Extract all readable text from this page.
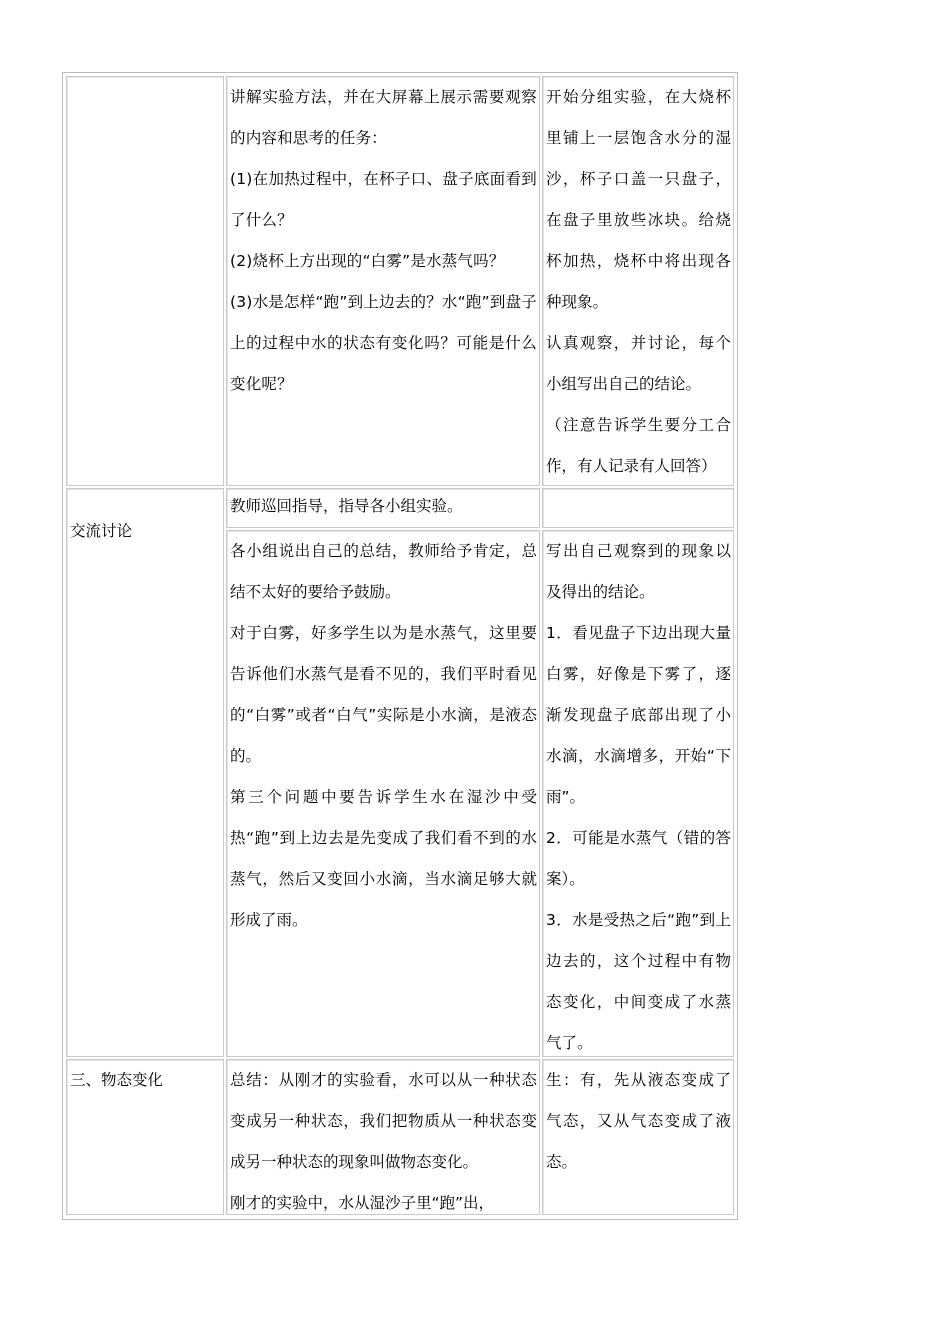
讲解实验方法，并在大屏幕上展示需要观察的内容和思考的任务：

(1)在加热过程中，在杯子口、盘子底面看到了什么？

(2)烧杯上方出现的“白雾”是水蒸气吗？

(3)水是怎样“跑”到上边去的？水“跑”到盘子上的过程中水的状态有变化吗？可能是什么变化呢？

开始分组实验，在大烧杯里铺上一层饱含水分的湿沙，杯子口盖一只盘子，在盘子里放些冰块。给烧杯加热，烧杯中将出现各种现象。

认真观察，并讨论，每个小组写出自己的结论。

（注意告诉学生要分工合作，有人记录有人回答）

交流讨论

教师巡回指导，指导各小组实验。

各小组说出自己的总结，教师给予肯定，总结不太好的要给予鼓励。

对于白雾，好多学生以为是水蒸气，这里要告诉他们水蒸气是看不见的，我们平时看见的“白雾”或者“白气”实际是小水滴，是液态的。

第三个问题中要告诉学生水在湿沙中受热“跑”到上边去是先变成了我们看不到的水蒸气，然后又变回小水滴，当水滴足够大就形成了雨。

写出自己观察到的现象以及得出的结论。

1．看见盘子下边出现大量白雾，好像是下雾了，逐渐发现盘子底部出现了小水滴，水滴增多，开始“下雨”。

2．可能是水蒸气（错的答案）。

3．水是受热之后“跑”到上边去的，这个过程中有物态变化，中间变成了水蒸气了。

三、物态变化	总结：从刚才的实验看，水可以从一种状态变成另一种状态，我们把物质从一种状态变成另一种状态的现象叫做物态变化。

刚才的实验中，水从湿沙子里“跑”出，

生：有，先从液态变成了气态，又从气态变成了液态。
